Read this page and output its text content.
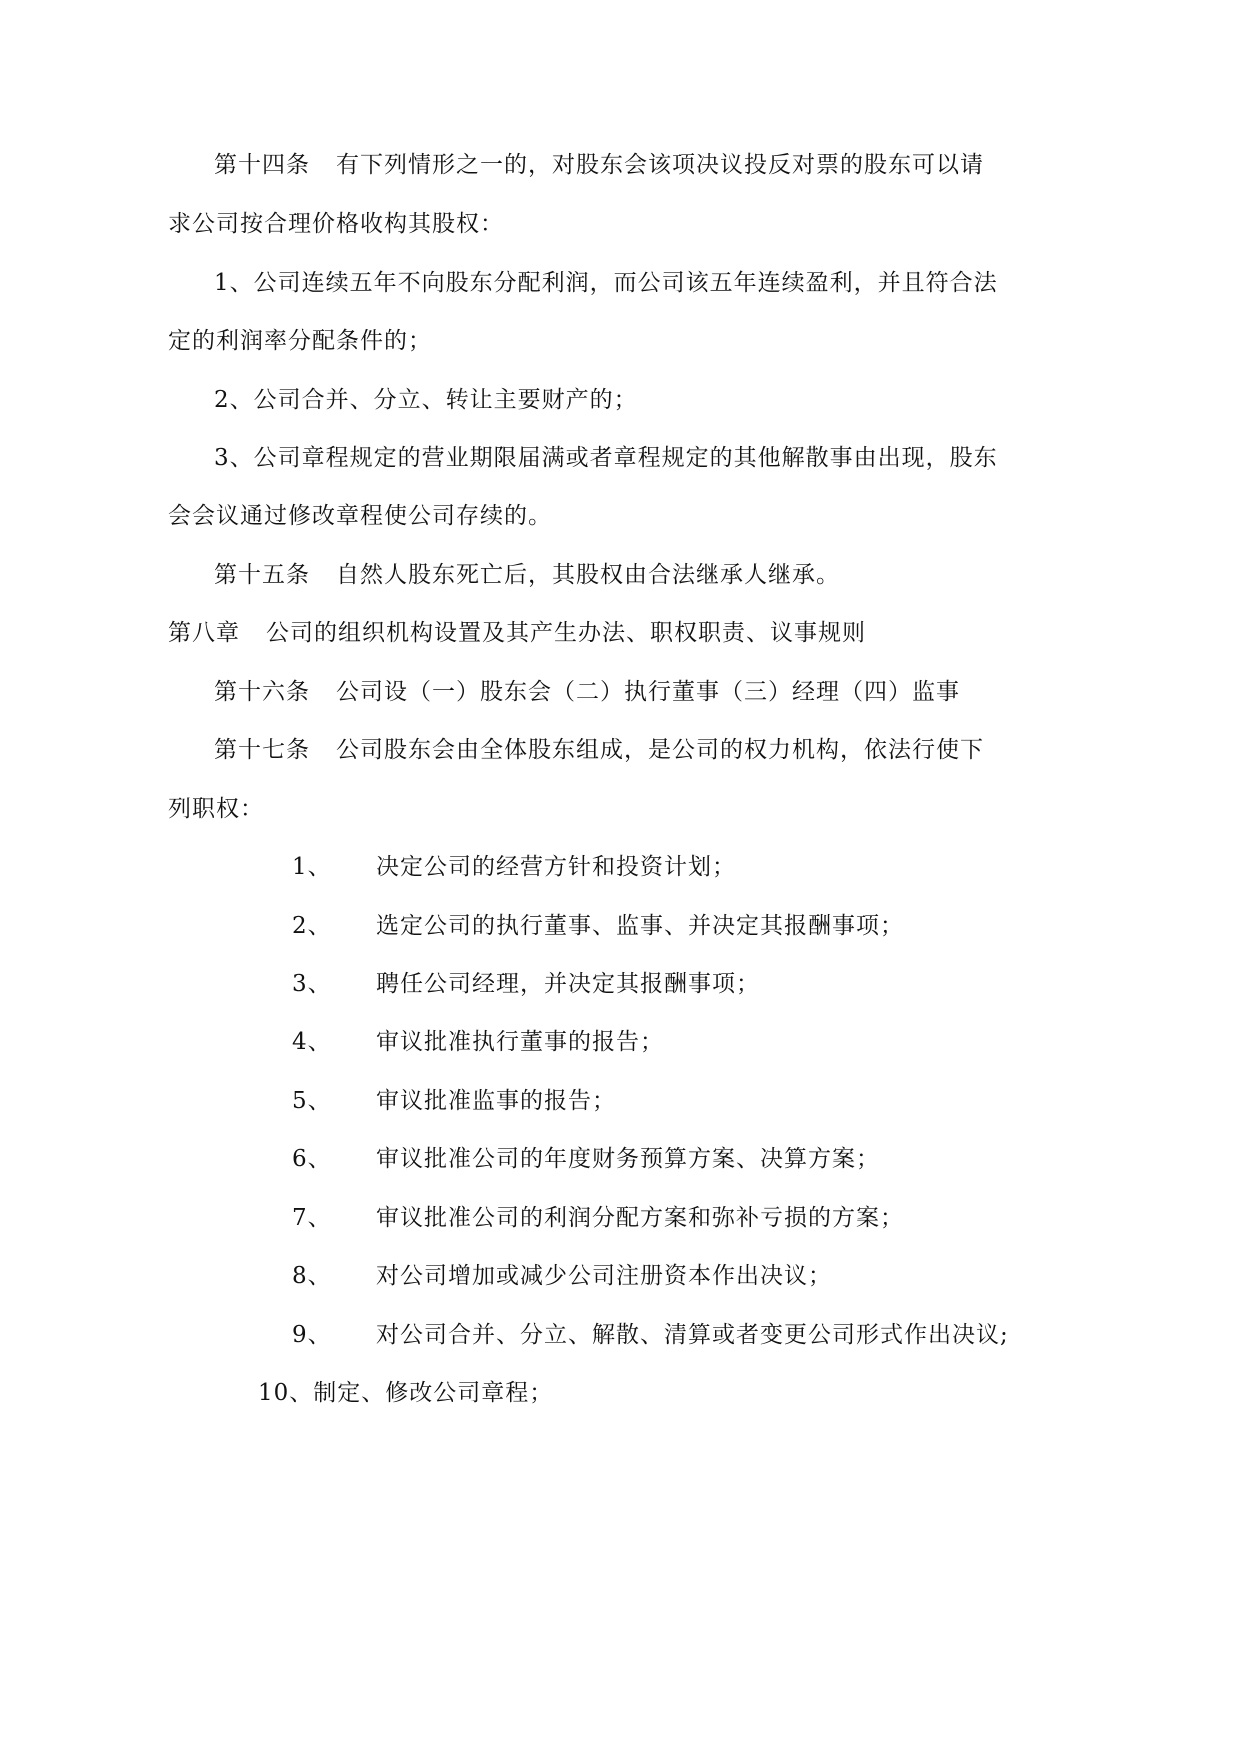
第十四条 有下列情形之一的，对股东会该项决议投反对票的股东可以请
求公司按合理价格收构其股权：
1、公司连续五年不向股东分配利润，而公司该五年连续盈利，并且符合法
定的利润率分配条件的；
2、公司合并、分立、转让主要财产的；
3、公司章程规定的营业期限届满或者章程规定的其他解散事由出现，股东
会会议通过修改章程使公司存续的。
第十五条 自然人股东死亡后，其股权由合法继承人继承。
第八章 公司的组织机构设置及其产生办法、职权职责、议事规则
第十六条 公司设（一）股东会（二）执行董事（三）经理（四）监事
第十七条 公司股东会由全体股东组成，是公司的权力机构，依法行使下
列职权：
1、 决定公司的经营方针和投资计划；
2、 选定公司的执行董事、监事、并决定其报酬事项；
3、 聘任公司经理，并决定其报酬事项；
4、 审议批准执行董事的报告；
5、 审议批准监事的报告；
6、 审议批准公司的年度财务预算方案、决算方案；
7、 审议批准公司的利润分配方案和弥补亏损的方案；
8、 对公司增加或减少公司注册资本作出决议；
9、 对公司合并、分立、解散、清算或者变更公司形式作出决议;
10、制定、修改公司章程；
